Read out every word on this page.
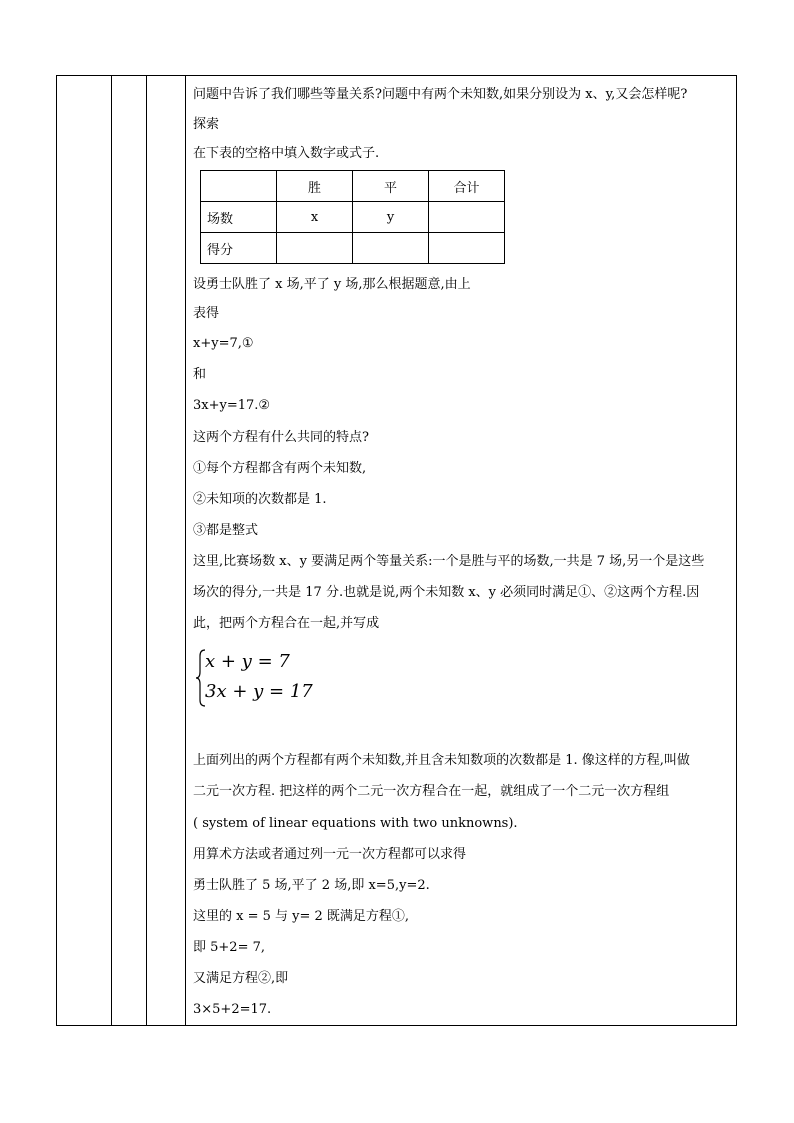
问题中告诉了我们哪些等量关系?问题中有两个未知数,如果分别设为 x、y,又会怎样呢?
探索
在下表的空格中填入数字或式子.
	胜	平	合计
场数	x	y	
得分			
设勇士队胜了 x 场,平了 y 场,那么根据题意,由上
表得
x+y=7,①
和
3x+y=17.②
这两个方程有什么共同的特点?
①每个方程都含有两个未知数,
②未知项的次数都是 1.
③都是整式
这里,比赛场数 x、y 要满足两个等量关系:一个是胜与平的场数,一共是 7 场,另一个是这些
场次的得分,一共是 17 分.也就是说,两个未知数 x、y 必须同时满足①、②这两个方程.因
此，把两个方程合在一起,并写成
x + y = 7
3x + y = 17
上面列出的两个方程都有两个未知数,并且含未知数项的次数都是 1. 像这样的方程,叫做
二元一次方程. 把这样的两个二元一次方程合在一起，就组成了一个二元一次方程组
( system of linear equations with two unknowns).
用算术方法或者通过列一元一次方程都可以求得
勇士队胜了 5 场,平了 2 场,即 x=5,y=2.
这里的 x = 5 与 y= 2 既满足方程①,
即 5+2= 7,
又满足方程②,即
3×5+2=17.
